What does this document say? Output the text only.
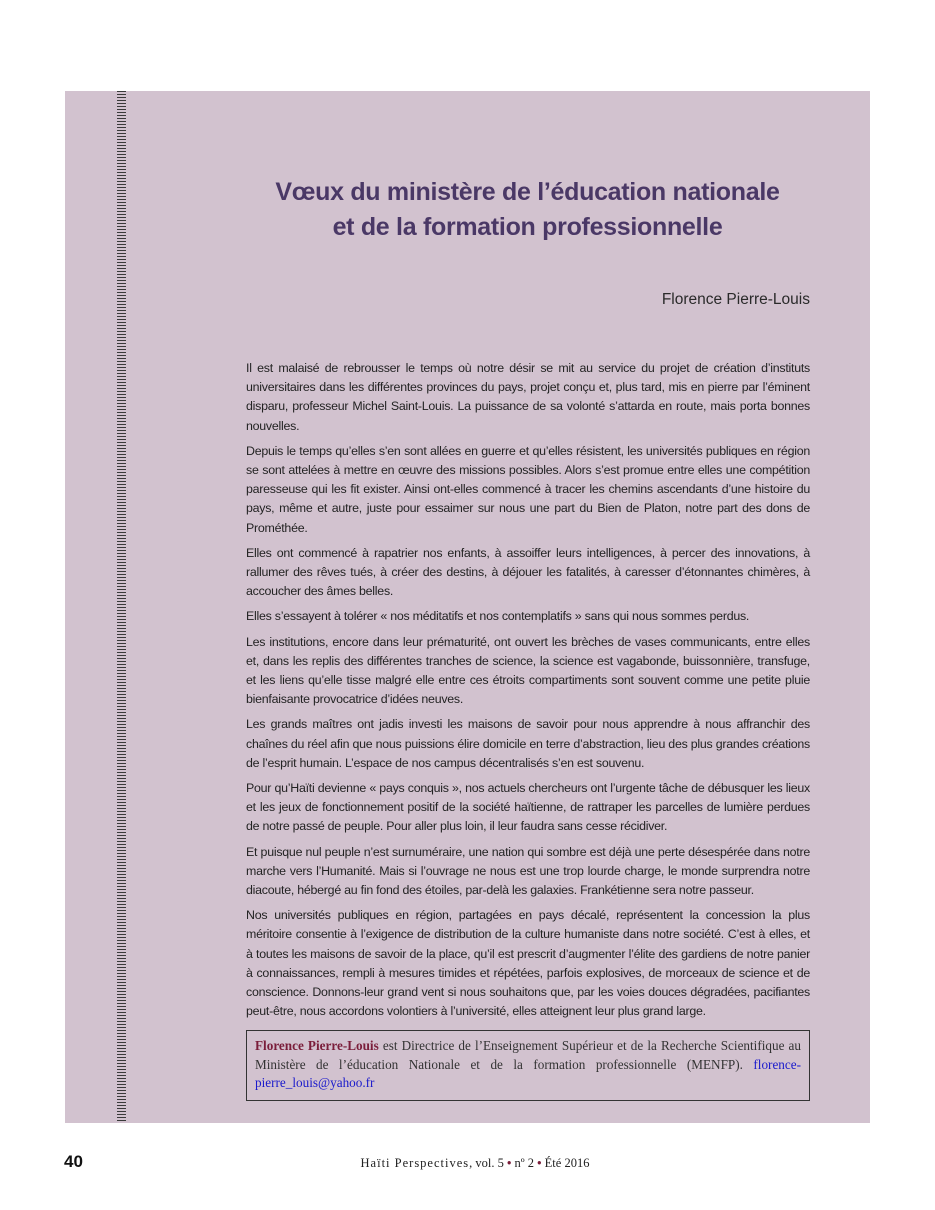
Vœux du ministère de l’éducation nationale
et de la formation professionnelle
Florence Pierre-Louis

Il est malaisé de rebrousser le temps où notre désir se mit au service du projet de création d’instituts universitaires dans les différentes provinces du pays, projet conçu et, plus tard, mis en pierre par l’éminent disparu, professeur Michel Saint-Louis. La puissance de sa volonté s’attarda en route, mais porta bonnes nouvelles.

Depuis le temps qu’elles s’en sont allées en guerre et qu’elles résistent, les universités publiques en région se sont attelées à mettre en œuvre des missions possibles. Alors s’est promue entre elles une compétition paresseuse qui les fit exister. Ainsi ont-elles commencé à tracer les chemins ascendants d’une histoire du pays, même et autre, juste pour essaimer sur nous une part du Bien de Platon, notre part des dons de Prométhée.

Elles ont commencé à rapatrier nos enfants, à assoiffer leurs intelligences, à percer des innovations, à rallumer des rêves tués, à créer des destins, à déjouer les fatalités, à caresser d’étonnantes chimères, à accoucher des âmes belles.

Elles s’essayent à tolérer « nos méditatifs et nos contemplatifs » sans qui nous sommes perdus.

Les institutions, encore dans leur prématurité, ont ouvert les brèches de vases communicants, entre elles et, dans les replis des différentes tranches de science, la science est vagabonde, buissonnière, transfuge, et les liens qu’elle tisse malgré elle entre ces étroits compartiments sont souvent comme une petite pluie bienfaisante provocatrice d’idées neuves.

Les grands maîtres ont jadis investi les maisons de savoir pour nous apprendre à nous affranchir des chaînes du réel afin que nous puissions élire domicile en terre d’abstraction, lieu des plus grandes créations de l’esprit humain. L’espace de nos campus décentralisés s’en est souvenu.

Pour qu’Haïti devienne « pays conquis », nos actuels chercheurs ont l’urgente tâche de débusquer les lieux et les jeux de fonctionnement positif de la société haïtienne, de rattraper les parcelles de lumière perdues de notre passé de peuple. Pour aller plus loin, il leur faudra sans cesse récidiver.

Et puisque nul peuple n’est surnuméraire, une nation qui sombre est déjà une perte désespérée dans notre marche vers l’Humanité. Mais si l’ouvrage ne nous est une trop lourde charge, le monde surprendra notre diacoute, hébergé au fin fond des étoiles, par-delà les galaxies. Frankétienne sera notre passeur.

Nos universités publiques en région, partagées en pays décalé, représentent la concession la plus méritoire consentie à l’exigence de distribution de la culture humaniste dans notre société. C’est à elles, et à toutes les maisons de savoir de la place, qu’il est prescrit d’augmenter l’élite des gardiens de notre panier à connaissances, rempli à mesures timides et répétées, parfois explosives, de morceaux de science et de conscience. Donnons-leur grand vent si nous souhaitons que, par les voies douces dégradées, pacifiantes peut-être, nous accordons volontiers à l’université, elles atteignent leur plus grand large.

Florence Pierre-Louis est Directrice de l’Enseignement Supérieur et de la Recherche Scientifique au Ministère de l’éducation Nationale et de la formation professionnelle (MENFP). florence-pierre_louis@yahoo.fr
40	Haïti Perspectives, vol. 5 • nº 2 • Été 2016
